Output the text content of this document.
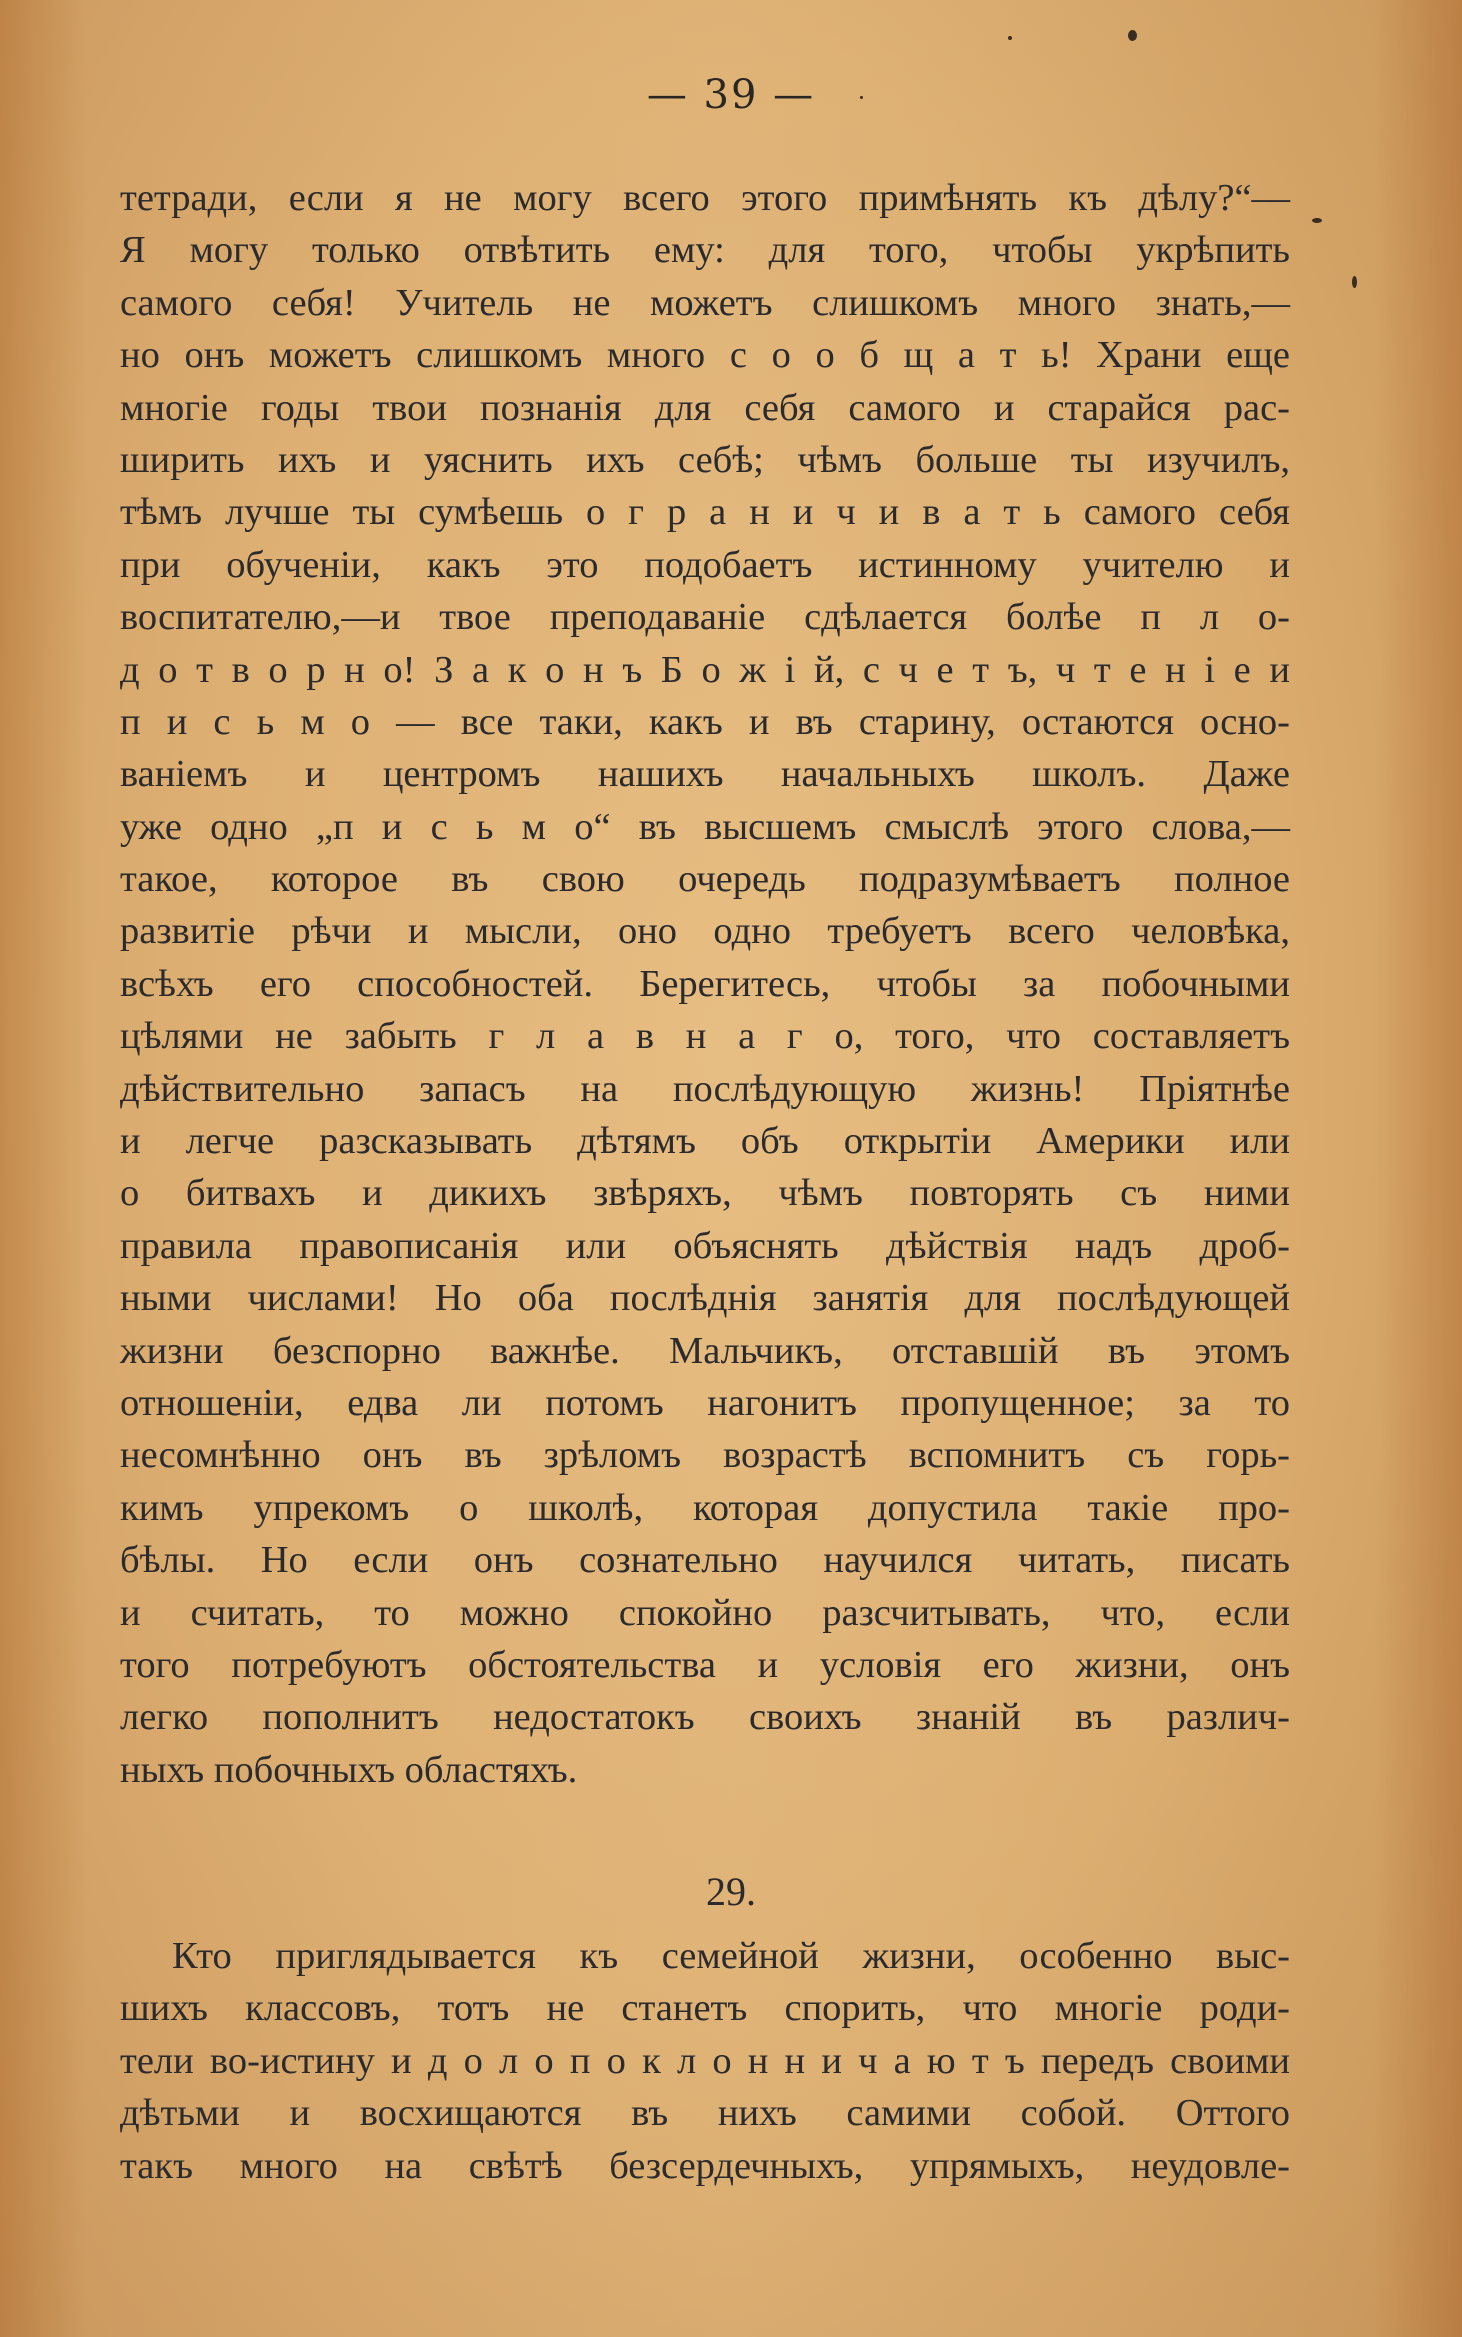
— 39 —
тетради, если я не могу всего этого примѣнять къ дѣлу?“—
Я могу только отвѣтить ему: для того, чтобы укрѣпить
самого себя! Учитель не можетъ слишкомъ много знать,—
но онъ можетъ слишкомъ много с о о б щ а т ь! Храни еще
многіе годы твои познанія для себя самого и старайся рас-
ширить ихъ и уяснить ихъ себѣ; чѣмъ больше ты изучилъ,
тѣмъ лучше ты сумѣешь о г р а н и ч и в а т ь самого себя
при обученіи, какъ это подобаетъ истинному учителю и
воспитателю,—и твое преподаваніе сдѣлается болѣе п л о-
д о т в о р н о! З а к о н ъ Б о ж і й, с ч е т ъ, ч т е н і е и
п и с ь м о — все таки, какъ и въ старину, остаются осно-
ваніемъ и центромъ нашихъ начальныхъ школъ. Даже
уже одно „п и с ь м о“ въ высшемъ смыслѣ этого слова,—
такое, которое въ свою очередь подразумѣваетъ полное
развитіе рѣчи и мысли, оно одно требуетъ всего человѣка,
всѣхъ его способностей. Берегитесь, чтобы за побочными
цѣлями не забыть г л а в н а г о, того, что составляетъ
дѣйствительно запасъ на послѣдующую жизнь! Пріятнѣе
и легче разсказывать дѣтямъ объ открытіи Америки или
о битвахъ и дикихъ звѣряхъ, чѣмъ повторять съ ними
правила правописанія или объяснять дѣйствія надъ дроб-
ными числами! Но оба послѣднія занятія для послѣдующей
жизни безспорно важнѣе. Мальчикъ, отставшій въ этомъ
отношеніи, едва ли потомъ нагонитъ пропущенное; за то
несомнѣнно онъ въ зрѣломъ возрастѣ вспомнитъ съ горь-
кимъ упрекомъ о школѣ, которая допустила такіе про-
бѣлы. Но если онъ сознательно научился читать, писать
и считать, то можно спокойно разсчитывать, что, если
того потребуютъ обстоятельства и условія его жизни, онъ
легко пополнитъ недостатокъ своихъ знаній въ различ-
ныхъ побочныхъ областяхъ.
29.
Кто приглядывается къ семейной жизни, особенно выс-
шихъ классовъ, тотъ не станетъ спорить, что многіе роди-
тели во-истину и д о л о п о к л о н н и ч а ю т ъ передъ своими
дѣтьми и восхищаются въ нихъ самими собой. Оттого
такъ много на свѣтѣ безсердечныхъ, упрямыхъ, неудовле-
